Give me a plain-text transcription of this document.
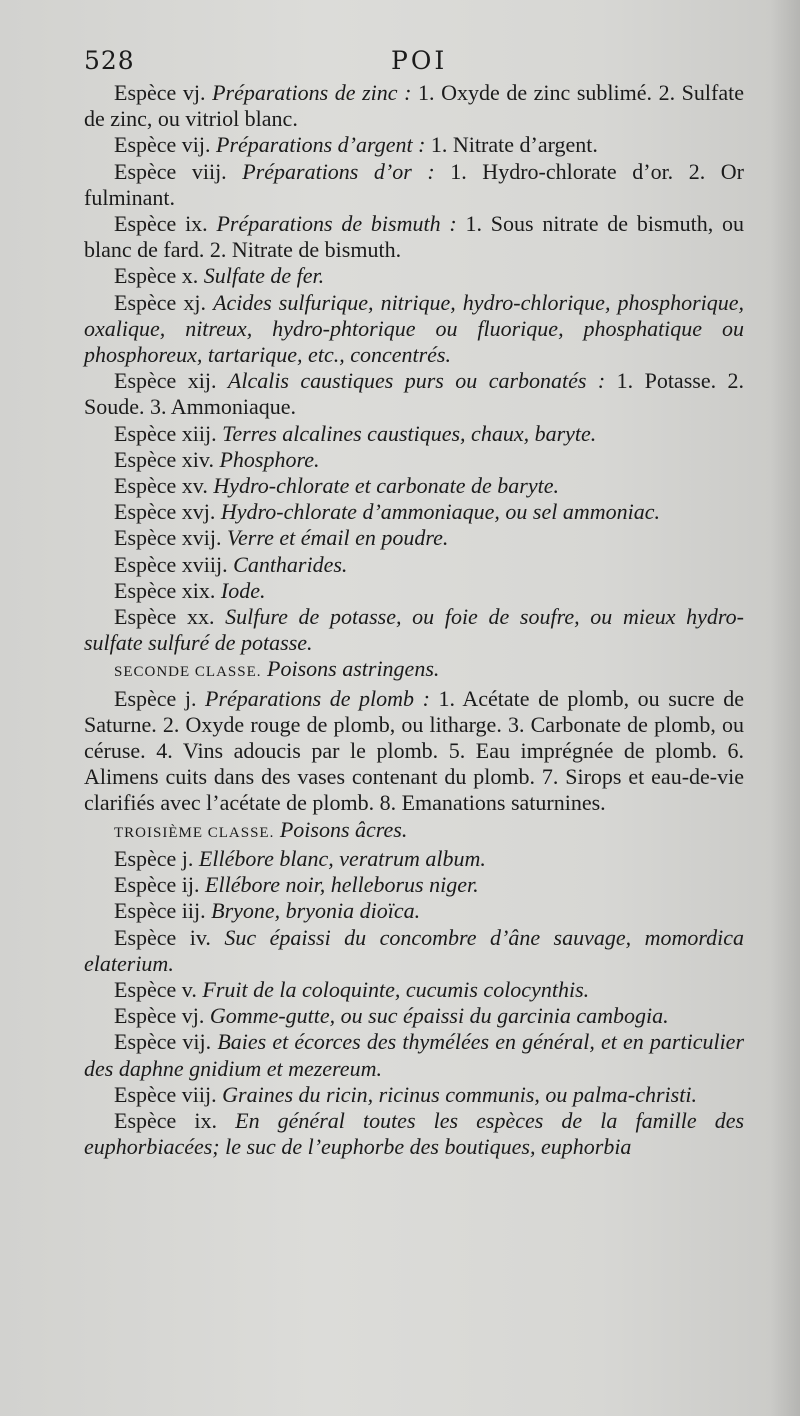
528	POI

Espèce vj. Préparations de zinc : 1. Oxyde de zinc sublimé. 2. Sulfate de zinc, ou vitriol blanc.

Espèce vij. Préparations d’argent : 1. Nitrate d’argent.

Espèce viij. Préparations d’or : 1. Hydro-chlorate d’or. 2. Or fulminant.

Espèce ix. Préparations de bismuth : 1. Sous nitrate de bismuth, ou blanc de fard. 2. Nitrate de bismuth.

Espèce x. Sulfate de fer.

Espèce xj. Acides sulfurique, nitrique, hydro-chlorique, phosphorique, oxalique, nitreux, hydro-phtorique ou fluorique, phosphatique ou phosphoreux, tartarique, etc., concentrés.

Espèce xij. Alcalis caustiques purs ou carbonatés : 1. Potasse. 2. Soude. 3. Ammoniaque.

Espèce xiij. Terres alcalines caustiques, chaux, baryte.

Espèce xiv. Phosphore.

Espèce xv. Hydro-chlorate et carbonate de baryte.

Espèce xvj. Hydro-chlorate d’ammoniaque, ou sel ammoniac.

Espèce xvij. Verre et émail en poudre.

Espèce xviij. Cantharides.

Espèce xix. Iode.

Espèce xx. Sulfure de potasse, ou foie de soufre, ou mieux hydro-sulfate sulfuré de potasse.

SECONDE CLASSE. Poisons astringens.

Espèce j. Préparations de plomb : 1. Acétate de plomb, ou sucre de Saturne. 2. Oxyde rouge de plomb, ou litharge. 3. Carbonate de plomb, ou céruse. 4. Vins adoucis par le plomb. 5. Eau imprégnée de plomb. 6. Alimens cuits dans des vases contenant du plomb. 7. Sirops et eau-de-vie clarifiés avec l’acétate de plomb. 8. Emanations saturnines.

TROISIÈME CLASSE. Poisons âcres.

Espèce j. Ellébore blanc, veratrum album.

Espèce ij. Ellébore noir, helleborus niger.

Espèce iij. Bryone, bryonia dioïca.

Espèce iv. Suc épaissi du concombre d’âne sauvage, momordica elaterium.

Espèce v. Fruit de la coloquinte, cucumis colocynthis.

Espèce vj. Gomme-gutte, ou suc épaissi du garcinia cambogia.

Espèce vij. Baies et écorces des thymélées en général, et en particulier des daphne gnidium et mezereum.

Espèce viij. Graines du ricin, ricinus communis, ou palma-christi.

Espèce ix. En général toutes les espèces de la famille des euphorbiacées; le suc de l’euphorbe des boutiques, euphorbia
